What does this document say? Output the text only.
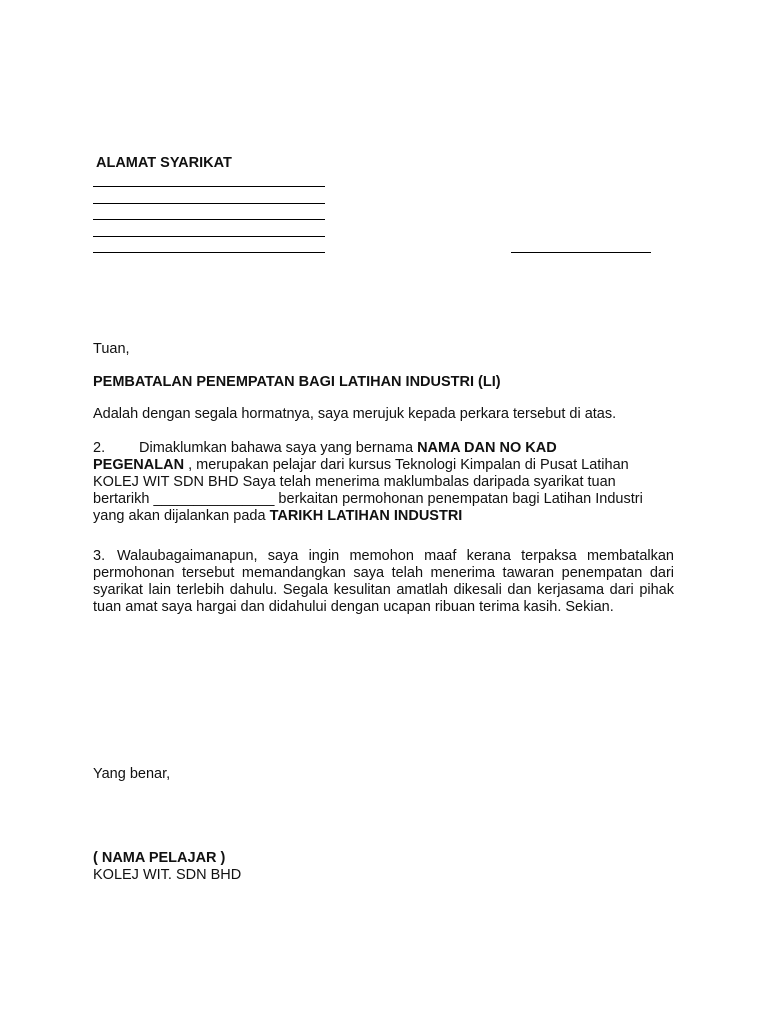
ALAMAT SYARIKAT
Tuan,
PEMBATALAN PENEMPATAN BAGI LATIHAN INDUSTRI (LI)
Adalah dengan segala hormatnya, saya merujuk kepada perkara tersebut di atas.
2. Dimaklumkan bahawa saya yang bernama NAMA DAN NO KAD
PEGENALAN , merupakan pelajar dari kursus Teknologi Kimpalan di Pusat Latihan
KOLEJ WIT SDN BHD Saya telah menerima maklumbalas daripada syarikat tuan
bertarikh _______________ berkaitan permohonan penempatan bagi Latihan Industri
yang akan dijalankan pada TARIKH LATIHAN INDUSTRI
3. Walaubagaimanapun, saya ingin memohon maaf kerana terpaksa membatalkan permohonan tersebut memandangkan saya telah menerima tawaran penempatan dari syarikat lain terlebih dahulu. Segala kesulitan amatlah dikesali dan kerjasama dari pihak tuan amat saya hargai dan didahului dengan ucapan ribuan terima kasih. Sekian.
Yang benar,
( NAMA PELAJAR )
KOLEJ WIT. SDN BHD
